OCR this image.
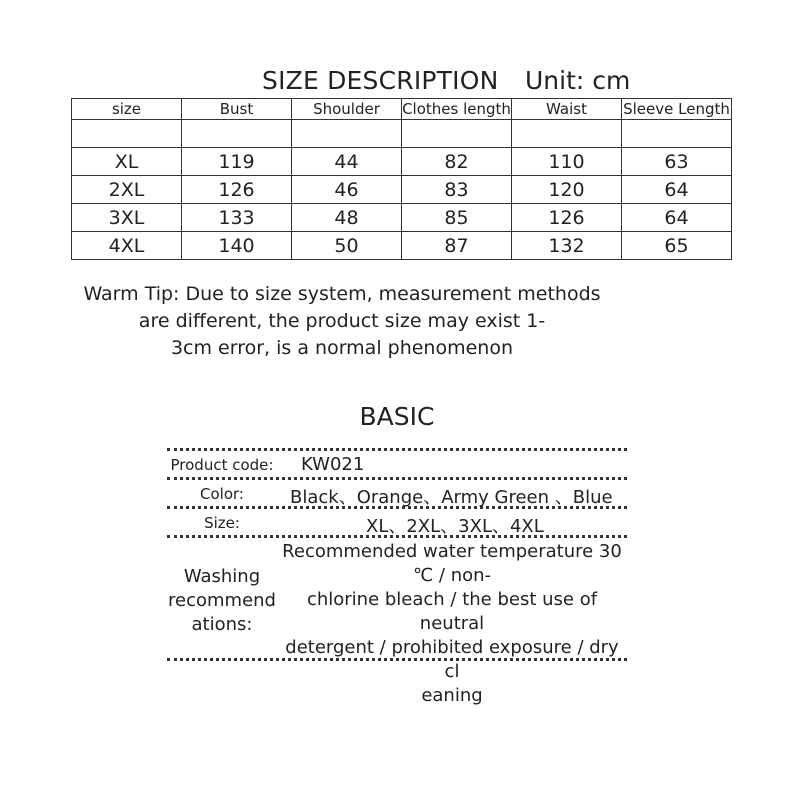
SIZE DESCRIPTION Unit: cm
size	Bust	Shoulder	Clothes length	Waist	Sleeve Length

XL	119	44	82	110	63
2XL	126	46	83	120	64
3XL	133	48	85	126	64
4XL	140	50	87	132	65
Warm Tip: Due to size system, measurement methods
are different, the product size may exist 1-
3cm error, is a normal phenomenon
BASIC
Product code: KW021
Color:	Black、Orange、Army Green 、Blue
Size:	XL、2XL、3XL、4XL
Washing
recommend
ations:
Recommended water temperature 30
℃ / non-
chlorine bleach / the best use of neutral
detergent / prohibited exposure / dry cl
eaning
